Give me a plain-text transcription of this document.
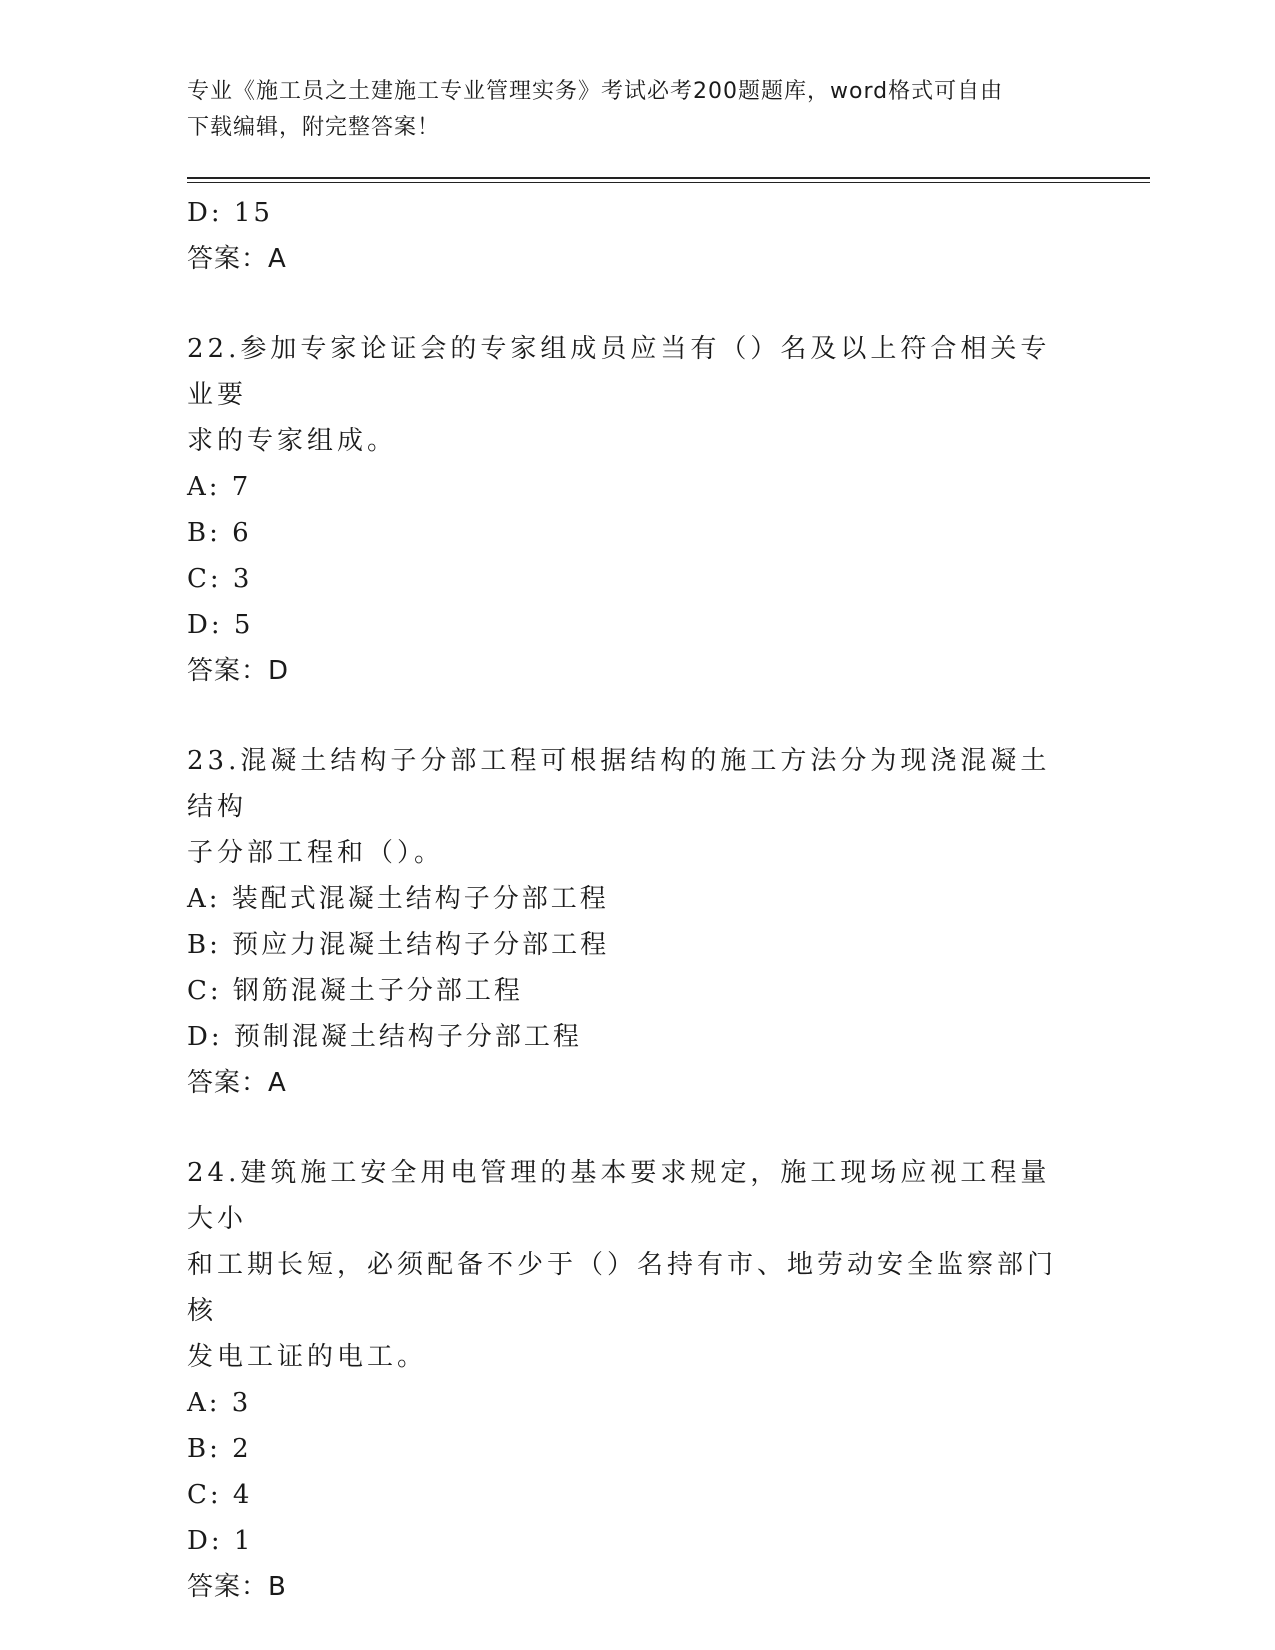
专业《施工员之土建施工专业管理实务》考试必考200题题库，word格式可自由
下载编辑，附完整答案！
D: 15
答案：A
22.参加专家论证会的专家组成员应当有（）名及以上符合相关专业要
求的专家组成。
A: 7
B: 6
C: 3
D: 5
答案：D
23.混凝土结构子分部工程可根据结构的施工方法分为现浇混凝土结构
子分部工程和（）。
A: 装配式混凝土结构子分部工程
B: 预应力混凝土结构子分部工程
C: 钢筋混凝土子分部工程
D: 预制混凝土结构子分部工程
答案：A
24.建筑施工安全用电管理的基本要求规定，施工现场应视工程量大小
和工期长短，必须配备不少于（）名持有市、地劳动安全监察部门核
发电工证的电工。
A: 3
B: 2
C: 4
D: 1
答案：B
